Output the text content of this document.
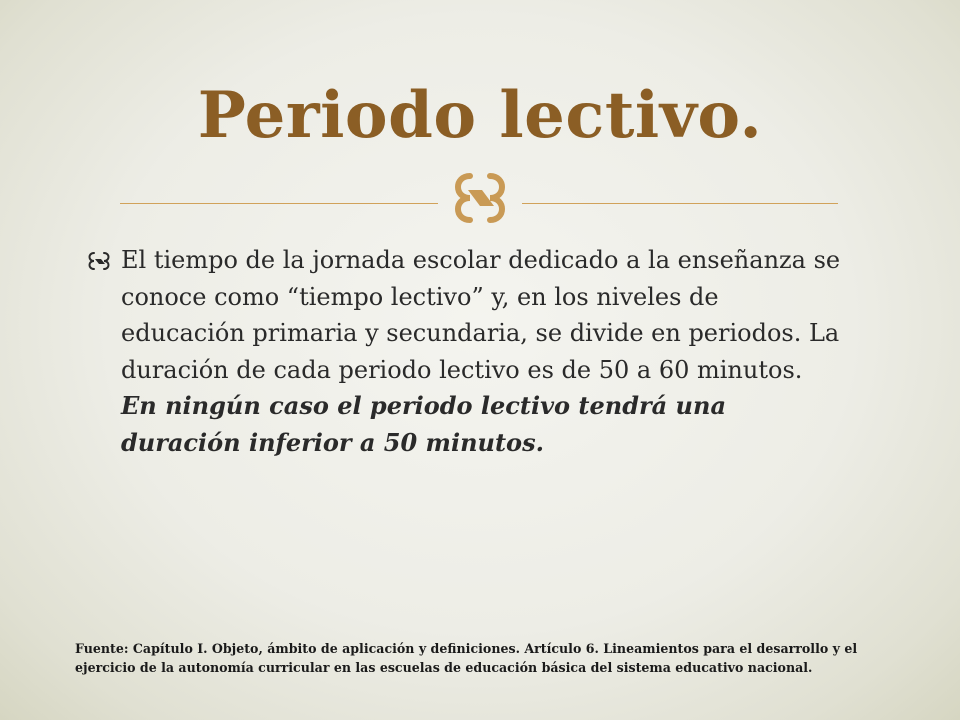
Periodo lectivo.
El tiempo de la jornada escolar dedicado a la enseñanza se conoce como “tiempo lectivo” y, en los niveles de educación primaria y secundaria, se divide en periodos. La duración de cada periodo lectivo es de 50 a 60 minutos. En ningún caso el periodo lectivo tendrá una duración inferior a 50 minutos.
Fuente: Capítulo I. Objeto, ámbito de aplicación y definiciones. Artículo 6. Lineamientos para el desarrollo y el ejercicio de la autonomía curricular en las escuelas de educación básica del sistema educativo nacional.
